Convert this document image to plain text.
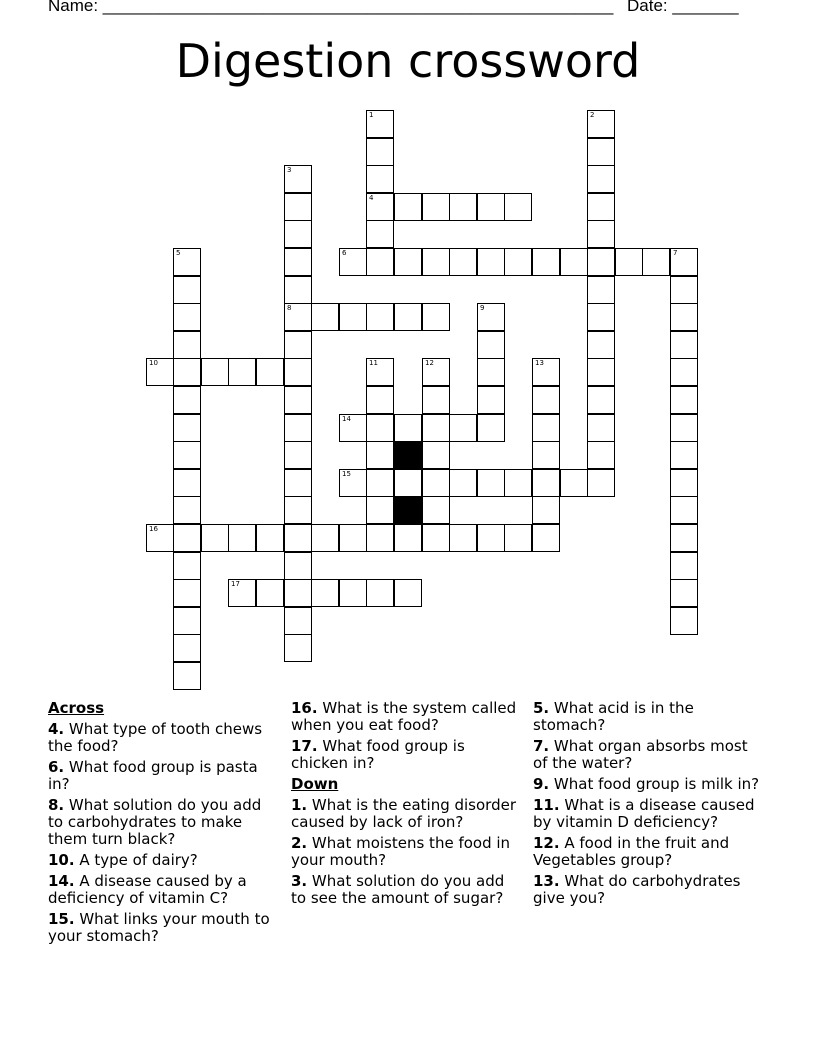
Name: ______________________________________________________ Date: _______
Digestion crossword
1
4
2
3
8
5	6	7
9
10	11	12	13
14
15
16
17
Across
4. What type of tooth chews the food?
6. What food group is pasta in?
8. What solution do you add to carbohydrates to make them turn black?
10. A type of dairy?
14. A disease caused by a deficiency of vitamin C?
15. What links your mouth to your stomach?
16. What is the system called when you eat food?
17. What food group is chicken in?
Down
1. What is the eating disorder caused by lack of iron?
2. What moistens the food in your mouth?
3. What solution do you add to see the amount of sugar?
5. What acid is in the stomach?
7. What organ absorbs most of the water?
9. What food group is milk in?
11. What is a disease caused by vitamin D deficiency?
12. A food in the fruit and Vegetables group?
13. What do carbohydrates give you?
